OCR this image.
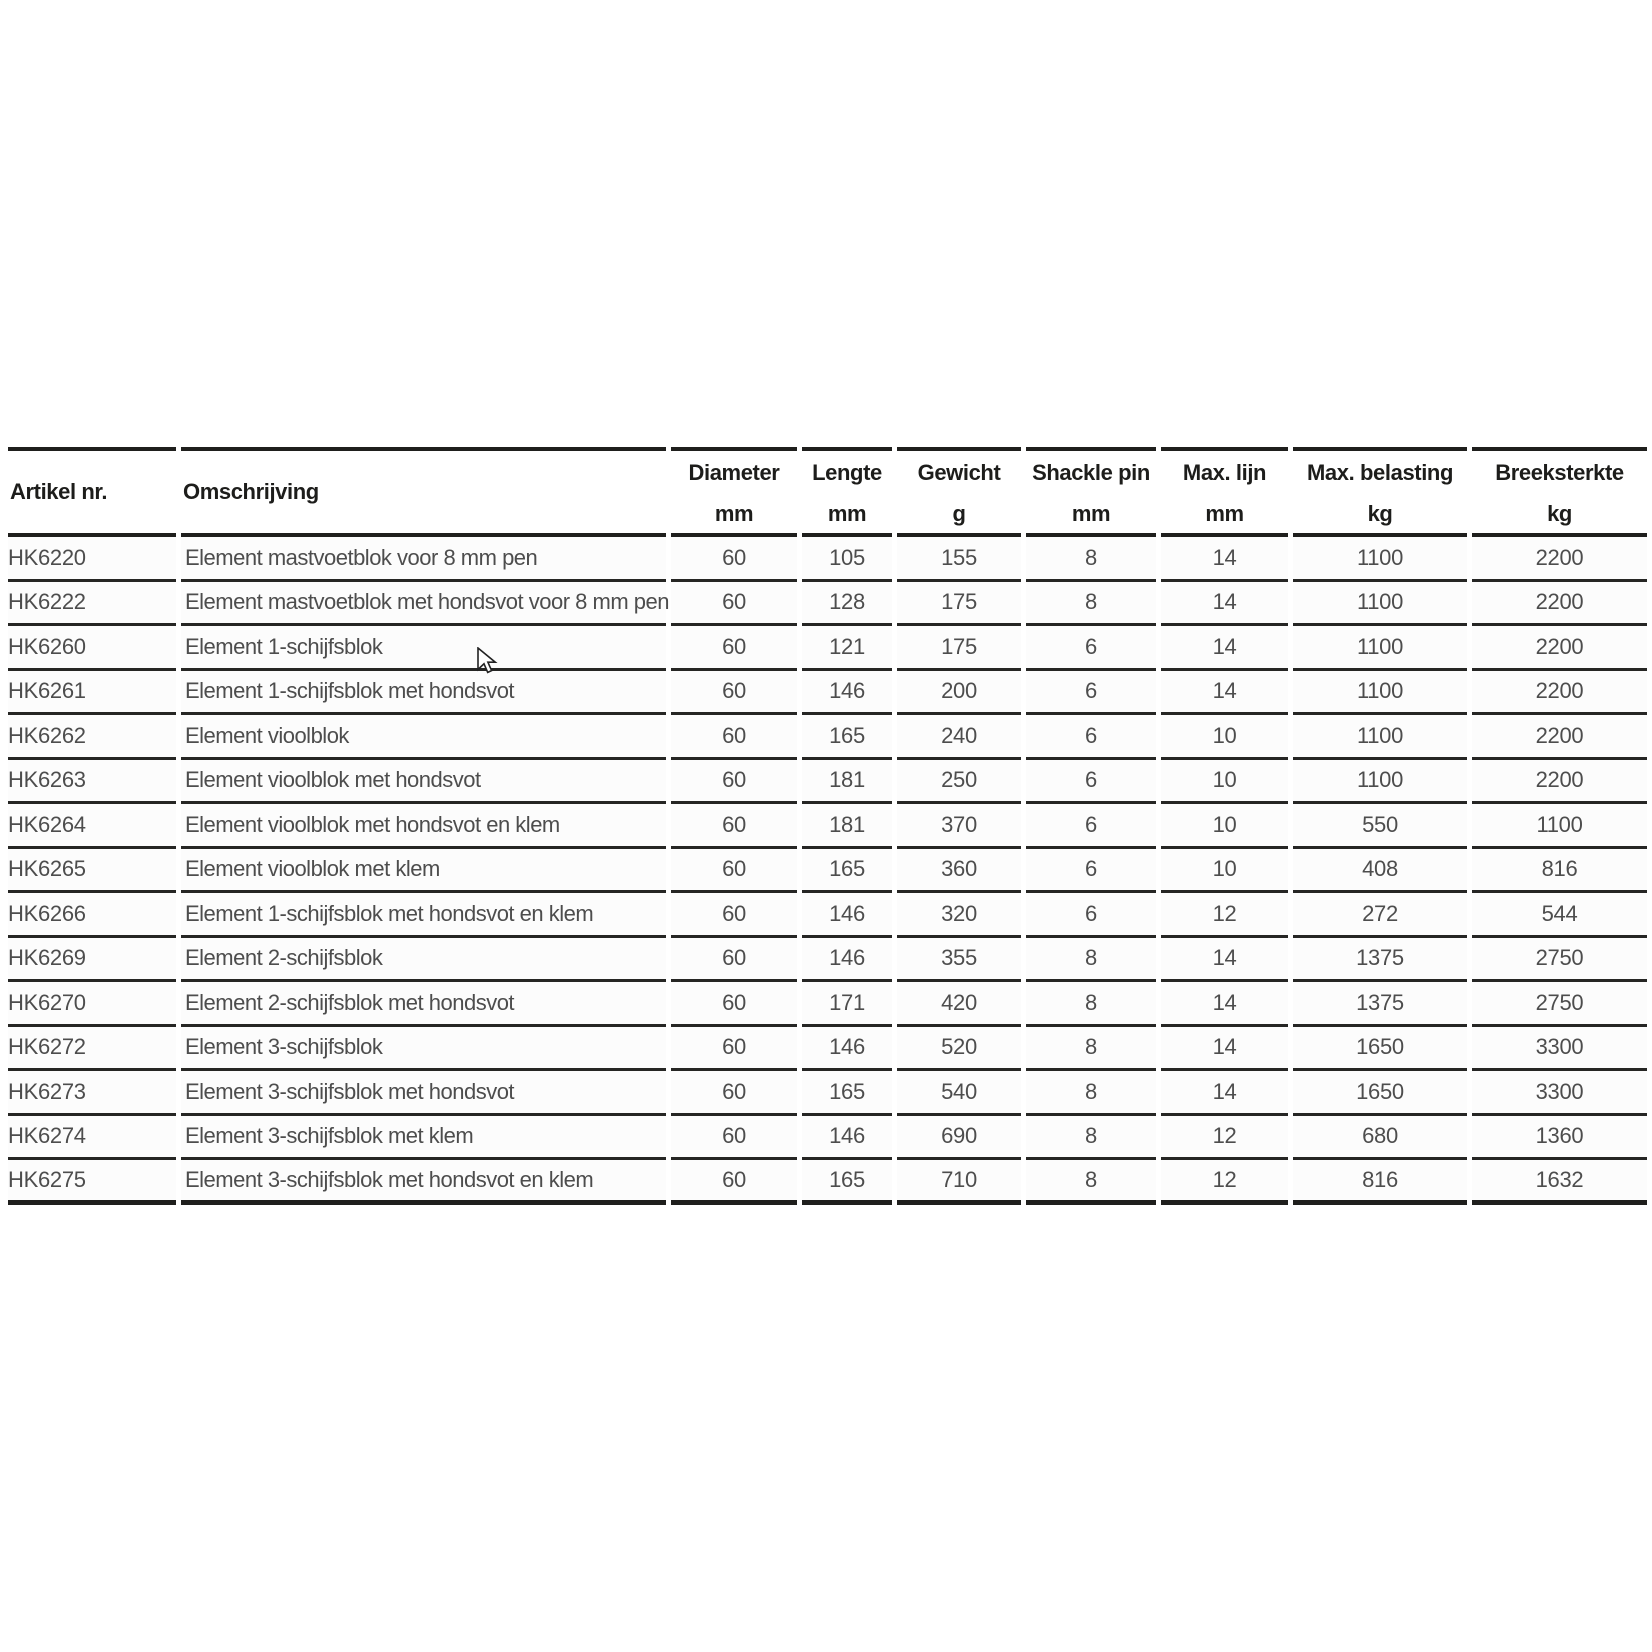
Artikel nr.	Omschrijving	Diameter	Lengte	Gewicht	Shackle pin	Max. lijn	Max. belasting	Breeksterkte
		mm	mm	g	mm	mm	kg	kg
HK6220	Element mastvoetblok voor 8 mm pen	60	105	155	8	14	1100	2200
HK6222	Element mastvoetblok met hondsvot voor 8 mm pen	60	128	175	8	14	1100	2200
HK6260	Element 1-schijfsblok	60	121	175	6	14	1100	2200
HK6261	Element 1-schijfsblok met hondsvot	60	146	200	6	14	1100	2200
HK6262	Element vioolblok	60	165	240	6	10	1100	2200
HK6263	Element vioolblok met hondsvot	60	181	250	6	10	1100	2200
HK6264	Element vioolblok met hondsvot en klem	60	181	370	6	10	550	1100
HK6265	Element vioolblok met klem	60	165	360	6	10	408	816
HK6266	Element 1-schijfsblok met hondsvot en klem	60	146	320	6	12	272	544
HK6269	Element 2-schijfsblok	60	146	355	8	14	1375	2750
HK6270	Element 2-schijfsblok met hondsvot	60	171	420	8	14	1375	2750
HK6272	Element 3-schijfsblok	60	146	520	8	14	1650	3300
HK6273	Element 3-schijfsblok met hondsvot	60	165	540	8	14	1650	3300
HK6274	Element 3-schijfsblok met klem	60	146	690	8	12	680	1360
HK6275	Element 3-schijfsblok met hondsvot en klem	60	165	710	8	12	816	1632
